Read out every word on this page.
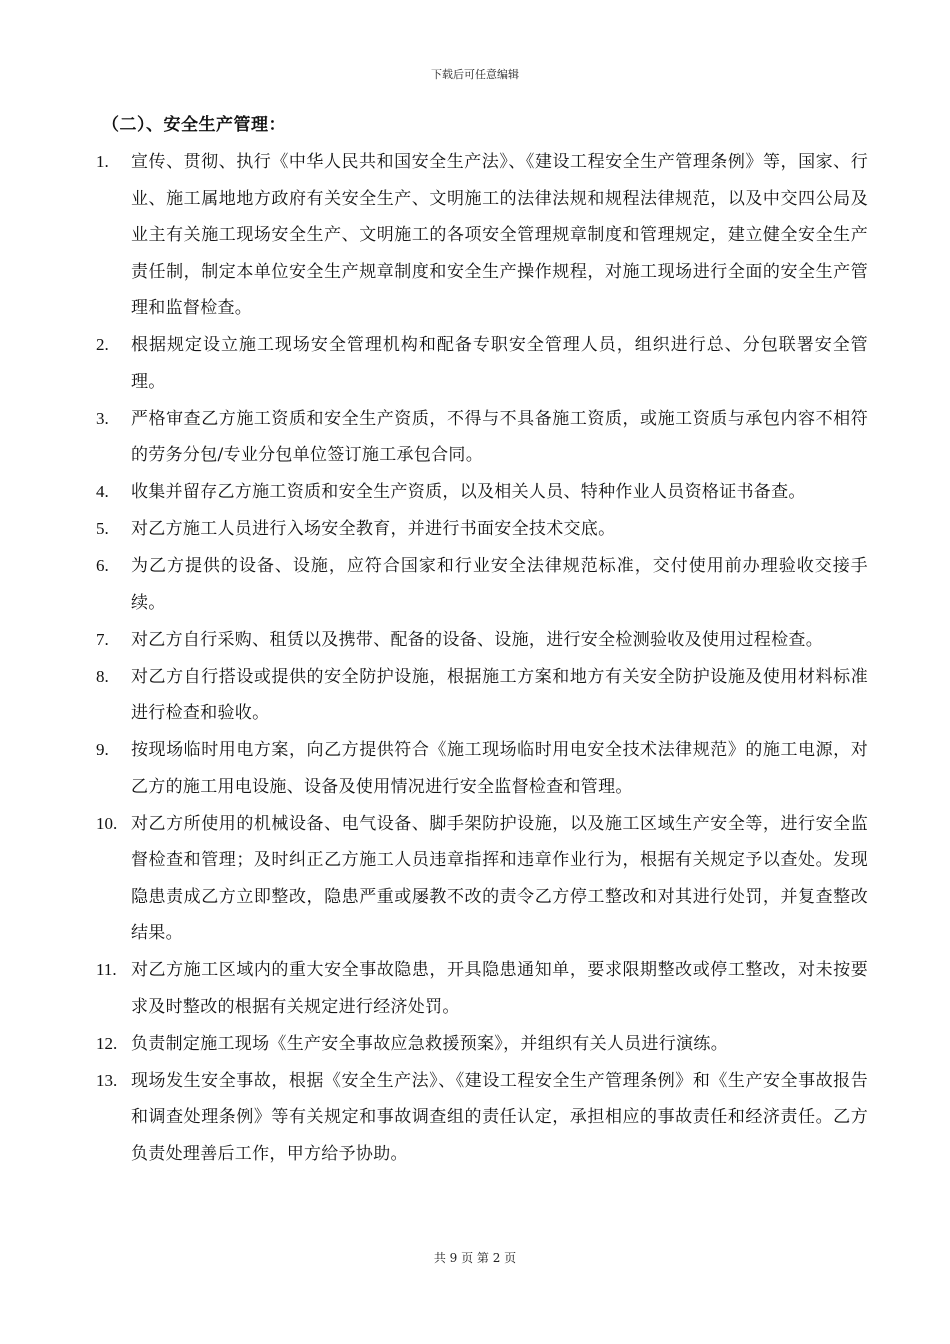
下载后可任意编辑
（二）、安全生产管理：
1.	宣传、贯彻、执行《中华人民共和国安全生产法》、《建设工程安全生产管理条例》等，国家、行业、施工属地地方政府有关安全生产、文明施工的法律法规和规程法律规范，以及中交四公局及业主有关施工现场安全生产、文明施工的各项安全管理规章制度和管理规定，建立健全安全生产责任制，制定本单位安全生产规章制度和安全生产操作规程，对施工现场进行全面的安全生产管理和监督检查。
2.	根据规定设立施工现场安全管理机构和配备专职安全管理人员，组织进行总、分包联署安全管理。
3.	严格审查乙方施工资质和安全生产资质，不得与不具备施工资质，或施工资质与承包内容不相符的劳务分包/专业分包单位签订施工承包合同。
4.	收集并留存乙方施工资质和安全生产资质，以及相关人员、特种作业人员资格证书备查。
5.	对乙方施工人员进行入场安全教育，并进行书面安全技术交底。
6.	为乙方提供的设备、设施，应符合国家和行业安全法律规范标准，交付使用前办理验收交接手续。
7.	对乙方自行采购、租赁以及携带、配备的设备、设施，进行安全检测验收及使用过程检查。
8.	对乙方自行搭设或提供的安全防护设施，根据施工方案和地方有关安全防护设施及使用材料标准进行检查和验收。
9.	按现场临时用电方案，向乙方提供符合《施工现场临时用电安全技术法律规范》的施工电源，对乙方的施工用电设施、设备及使用情况进行安全监督检查和管理。
10. 对乙方所使用的机械设备、电气设备、脚手架防护设施，以及施工区域生产安全等，进行安全监督检查和管理；及时纠正乙方施工人员违章指挥和违章作业行为，根据有关规定予以查处。发现隐患责成乙方立即整改，隐患严重或屡教不改的责令乙方停工整改和对其进行处罚，并复查整改结果。
11. 对乙方施工区域内的重大安全事故隐患，开具隐患通知单，要求限期整改或停工整改，对未按要求及时整改的根据有关规定进行经济处罚。
12. 负责制定施工现场《生产安全事故应急救援预案》，并组织有关人员进行演练。
13. 现场发生安全事故，根据《安全生产法》、《建设工程安全生产管理条例》和《生产安全事故报告和调查处理条例》等有关规定和事故调查组的责任认定，承担相应的事故责任和经济责任。乙方负责处理善后工作，甲方给予协助。
共 9 页 第 2 页
